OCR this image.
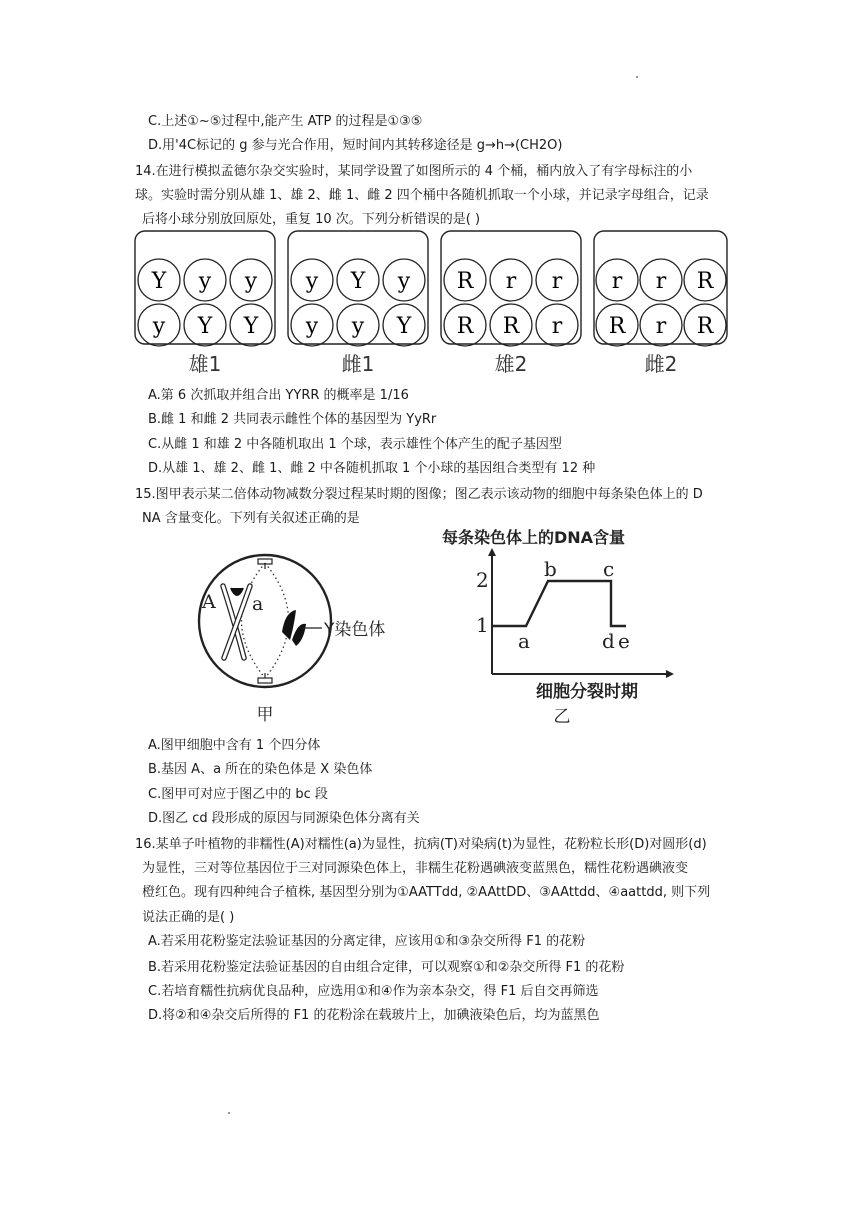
C.上述①~⑤过程中,能产生 ATP 的过程是①③⑤
D.用'4C标记的 g 参与光合作用，短时间内其转移途径是 g→h→(CH2O)
14.在进行模拟孟德尔杂交实验时，某同学设置了如图所示的 4 个桶，桶内放入了有字母标注的小
球。实验时需分别从雄 1、雄 2、雌 1、雌 2 四个桶中各随机抓取一个小球，并记录字母组合，记录
后将小球分别放回原处，重复 10 次。下列分析错误的是( )
Y y y
y Y Y
雄1
y Y y
y y Y
雌1
R r r
R R r
雄2
r r R
R r R
雌2
A.第 6 次抓取并组合出 YYRR 的概率是 1/16
B.雌 1 和雌 2 共同表示雌性个体的基因型为 YyRr
C.从雌 1 和雄 2 中各随机取出 1 个球，表示雄性个体产生的配子基因型
D.从雄 1、雄 2、雌 1、雌 2 中各随机抓取 1 个小球的基因组合类型有 12 种
15.图甲表示某二倍体动物减数分裂过程某时期的图像；图乙表示该动物的细胞中每条染色体上的 D
NA 含量变化。下列有关叙述正确的是
A a
Y染色体
甲
每条染色体上的DNA含量
2
1
a
b c
d e
细胞分裂时期
乙
A.图甲细胞中含有 1 个四分体
B.基因 A、a 所在的染色体是 X 染色体
C.图甲可对应于图乙中的 bc 段
D.图乙 cd 段形成的原因与同源染色体分离有关
16.某单子叶植物的非糯性(A)对糯性(a)为显性，抗病(T)对染病(t)为显性，花粉粒长形(D)对圆形(d)
为显性，三对等位基因位于三对同源染色体上，非糯生花粉遇碘液变蓝黑色，糯性花粉遇碘液变
橙红色。现有四种纯合子植株, 基因型分别为①AATTdd, ②AAttDD、③AAttdd、④aattdd, 则下列
说法正确的是( )
A.若采用花粉鉴定法验证基因的分离定律，应该用①和③杂交所得 F1 的花粉
B.若采用花粉鉴定法验证基因的自由组合定律，可以观察①和②杂交所得 F1 的花粉
C.若培育糯性抗病优良品种，应选用①和④作为亲本杂交，得 F1 后自交再筛选
D.将②和④杂交后所得的 F1 的花粉涂在载玻片上，加碘液染色后，均为蓝黑色
